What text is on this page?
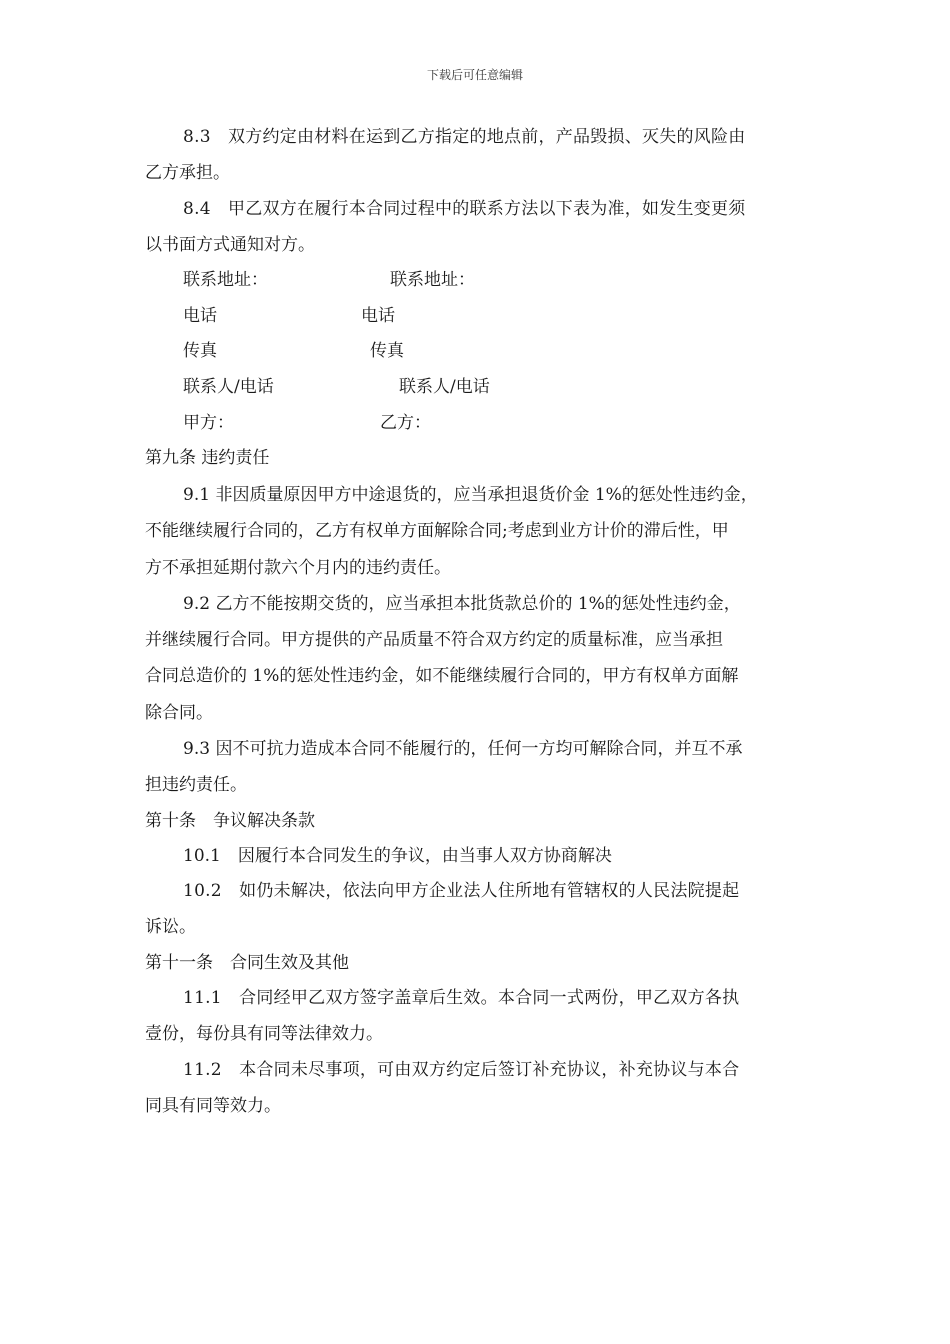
下载后可任意编辑
8.3　双方约定由材料在运到乙方指定的地点前，产品毁损、灭失的风险由
乙方承担。
8.4　甲乙双方在履行本合同过程中的联系方法以下表为准，如发生变更须
以书面方式通知对方。
联系地址：	联系地址：
电话	电话
传真	传真
联系人/电话	联系人/电话
甲方：	乙方：
第九条 违约责任
9.1 非因质量原因甲方中途退货的，应当承担退货价金 1%的惩处性违约金，
不能继续履行合同的，乙方有权单方面解除合同;考虑到业方计价的滞后性，甲
方不承担延期付款六个月内的违约责任。
9.2 乙方不能按期交货的，应当承担本批货款总价的 1%的惩处性违约金，
并继续履行合同。甲方提供的产品质量不符合双方约定的质量标准，应当承担
合同总造价的 1%的惩处性违约金，如不能继续履行合同的，甲方有权单方面解
除合同。
9.3 因不可抗力造成本合同不能履行的，任何一方均可解除合同，并互不承
担违约责任。
第十条　争议解决条款
10.1　因履行本合同发生的争议，由当事人双方协商解决
10.2　如仍未解决，依法向甲方企业法人住所地有管辖权的人民法院提起
诉讼。
第十一条　合同生效及其他
11.1　合同经甲乙双方签字盖章后生效。本合同一式两份，甲乙双方各执
壹份，每份具有同等法律效力。
11.2　本合同未尽事项，可由双方约定后签订补充协议，补充协议与本合
同具有同等效力。
